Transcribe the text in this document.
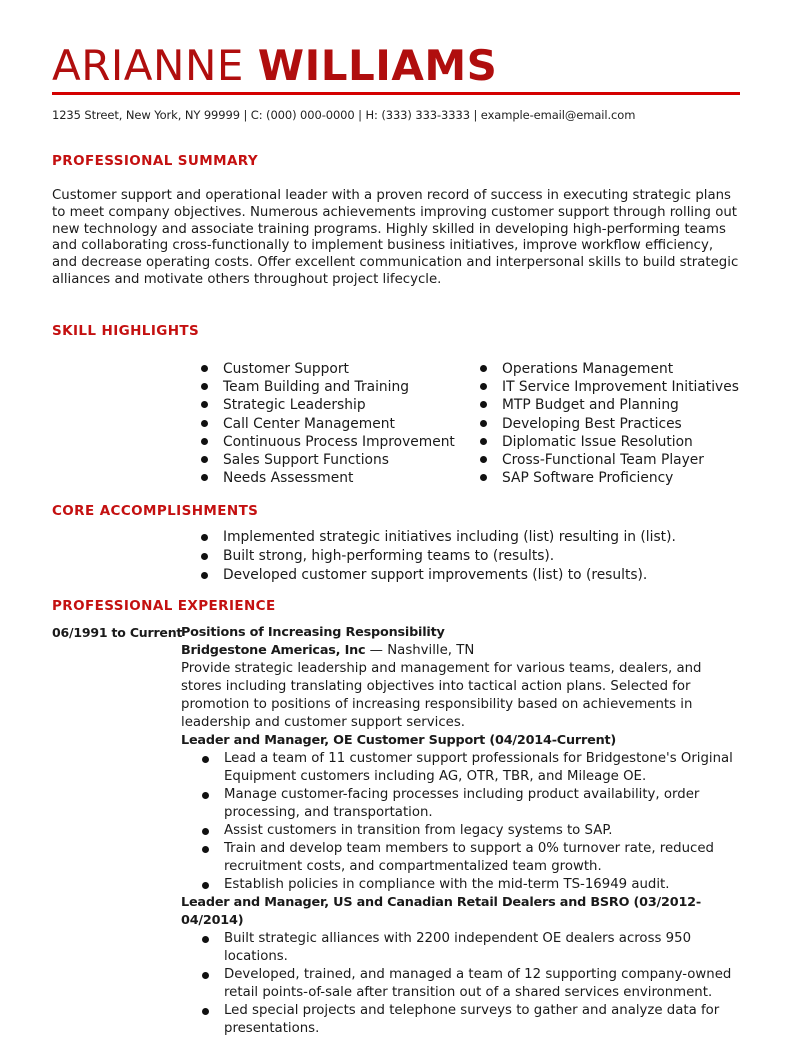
ARIANNE WILLIAMS
1235 Street, New York, NY 99999 | C: (000) 000-0000 | H: (333) 333-3333 | example-email@email.com
PROFESSIONAL SUMMARY
Customer support and operational leader with a proven record of success in executing strategic plans to meet company objectives. Numerous achievements improving customer support through rolling out new technology and associate training programs. Highly skilled in developing high-performing teams and collaborating cross-functionally to implement business initiatives, improve workflow efficiency, and decrease operating costs. Offer excellent communication and interpersonal skills to build strategic alliances and motivate others throughout project lifecycle.
SKILL HIGHLIGHTS
Customer Support
Team Building and Training
Strategic Leadership
Call Center Management
Continuous Process Improvement
Sales Support Functions
Needs Assessment
Operations Management
IT Service Improvement Initiatives
MTP Budget and Planning
Developing Best Practices
Diplomatic Issue Resolution
Cross-Functional Team Player
SAP Software Proficiency
CORE ACCOMPLISHMENTS
Implemented strategic initiatives including (list) resulting in (list).
Built strong, high-performing teams to (results).
Developed customer support improvements (list) to (results).
PROFESSIONAL EXPERIENCE
06/1991 to Current
Positions of Increasing Responsibility
Bridgestone Americas, Inc — Nashville, TN

Provide strategic leadership and management for various teams, dealers, and stores including translating objectives into tactical action plans. Selected for promotion to positions of increasing responsibility based on achievements in leadership and customer support services.

Leader and Manager, OE Customer Support (04/2014-Current)
Lead a team of 11 customer support professionals for Bridgestone's Original Equipment customers including AG, OTR, TBR, and Mileage OE.
Manage customer-facing processes including product availability, order processing, and transportation.
Assist customers in transition from legacy systems to SAP.
Train and develop team members to support a 0% turnover rate, reduced recruitment costs, and compartmentalized team growth.
Establish policies in compliance with the mid-term TS-16949 audit.
Leader and Manager, US and Canadian Retail Dealers and BSRO (03/2012-04/2014)
Built strategic alliances with 2200 independent OE dealers across 950 locations.
Developed, trained, and managed a team of 12 supporting company-owned retail points-of-sale after transition out of a shared services environment.
Led special projects and telephone surveys to gather and analyze data for presentations.
